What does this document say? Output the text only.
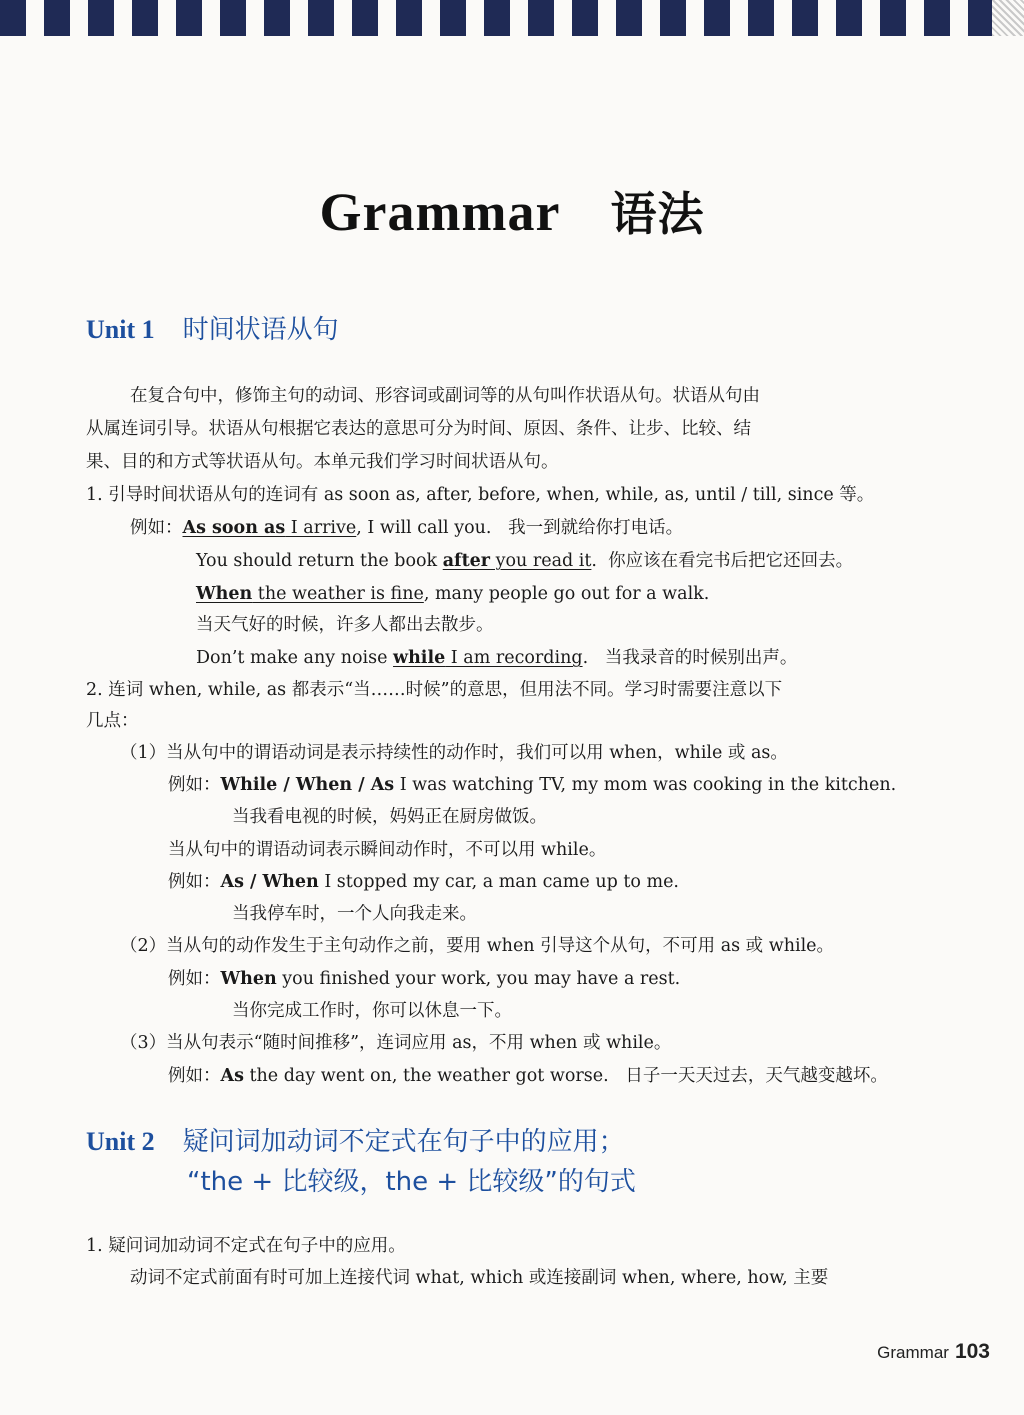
Grammar 语法
Unit 1 时间状语从句
在复合句中，修饰主句的动词、形容词或副词等的从句叫作状语从句。状语从句由
从属连词引导。状语从句根据它表达的意思可分为时间、原因、条件、让步、比较、结
果、目的和方式等状语从句。本单元我们学习时间状语从句。
1. 引导时间状语从句的连词有 as soon as, after, before, when, while, as, until / till, since 等。
例如：As soon as I arrive, I will call you. 我一到就给你打电话。
You should return the book after you read it. 你应该在看完书后把它还回去。
When the weather is fine, many people go out for a walk.
当天气好的时候，许多人都出去散步。
Don’t make any noise while I am recording. 当我录音的时候别出声。
2. 连词 when, while, as 都表示“当……时候”的意思，但用法不同。学习时需要注意以下
几点：
（1）当从句中的谓语动词是表示持续性的动作时，我们可以用 when，while 或 as。
例如：While / When / As I was watching TV, my mom was cooking in the kitchen.
当我看电视的时候，妈妈正在厨房做饭。
当从句中的谓语动词表示瞬间动作时，不可以用 while。
例如：As / When I stopped my car, a man came up to me.
当我停车时，一个人向我走来。
（2）当从句的动作发生于主句动作之前，要用 when 引导这个从句，不可用 as 或 while。
例如：When you finished your work, you may have a rest.
当你完成工作时，你可以休息一下。
（3）当从句表示“随时间推移”，连词应用 as，不用 when 或 while。
例如：As the day went on, the weather got worse. 日子一天天过去，天气越变越坏。
Unit 2 疑问词加动词不定式在句子中的应用；
“the + 比较级，the + 比较级”的句式
1. 疑问词加动词不定式在句子中的应用。
动词不定式前面有时可加上连接代词 what, which 或连接副词 when, where, how, 主要
Grammar 103
